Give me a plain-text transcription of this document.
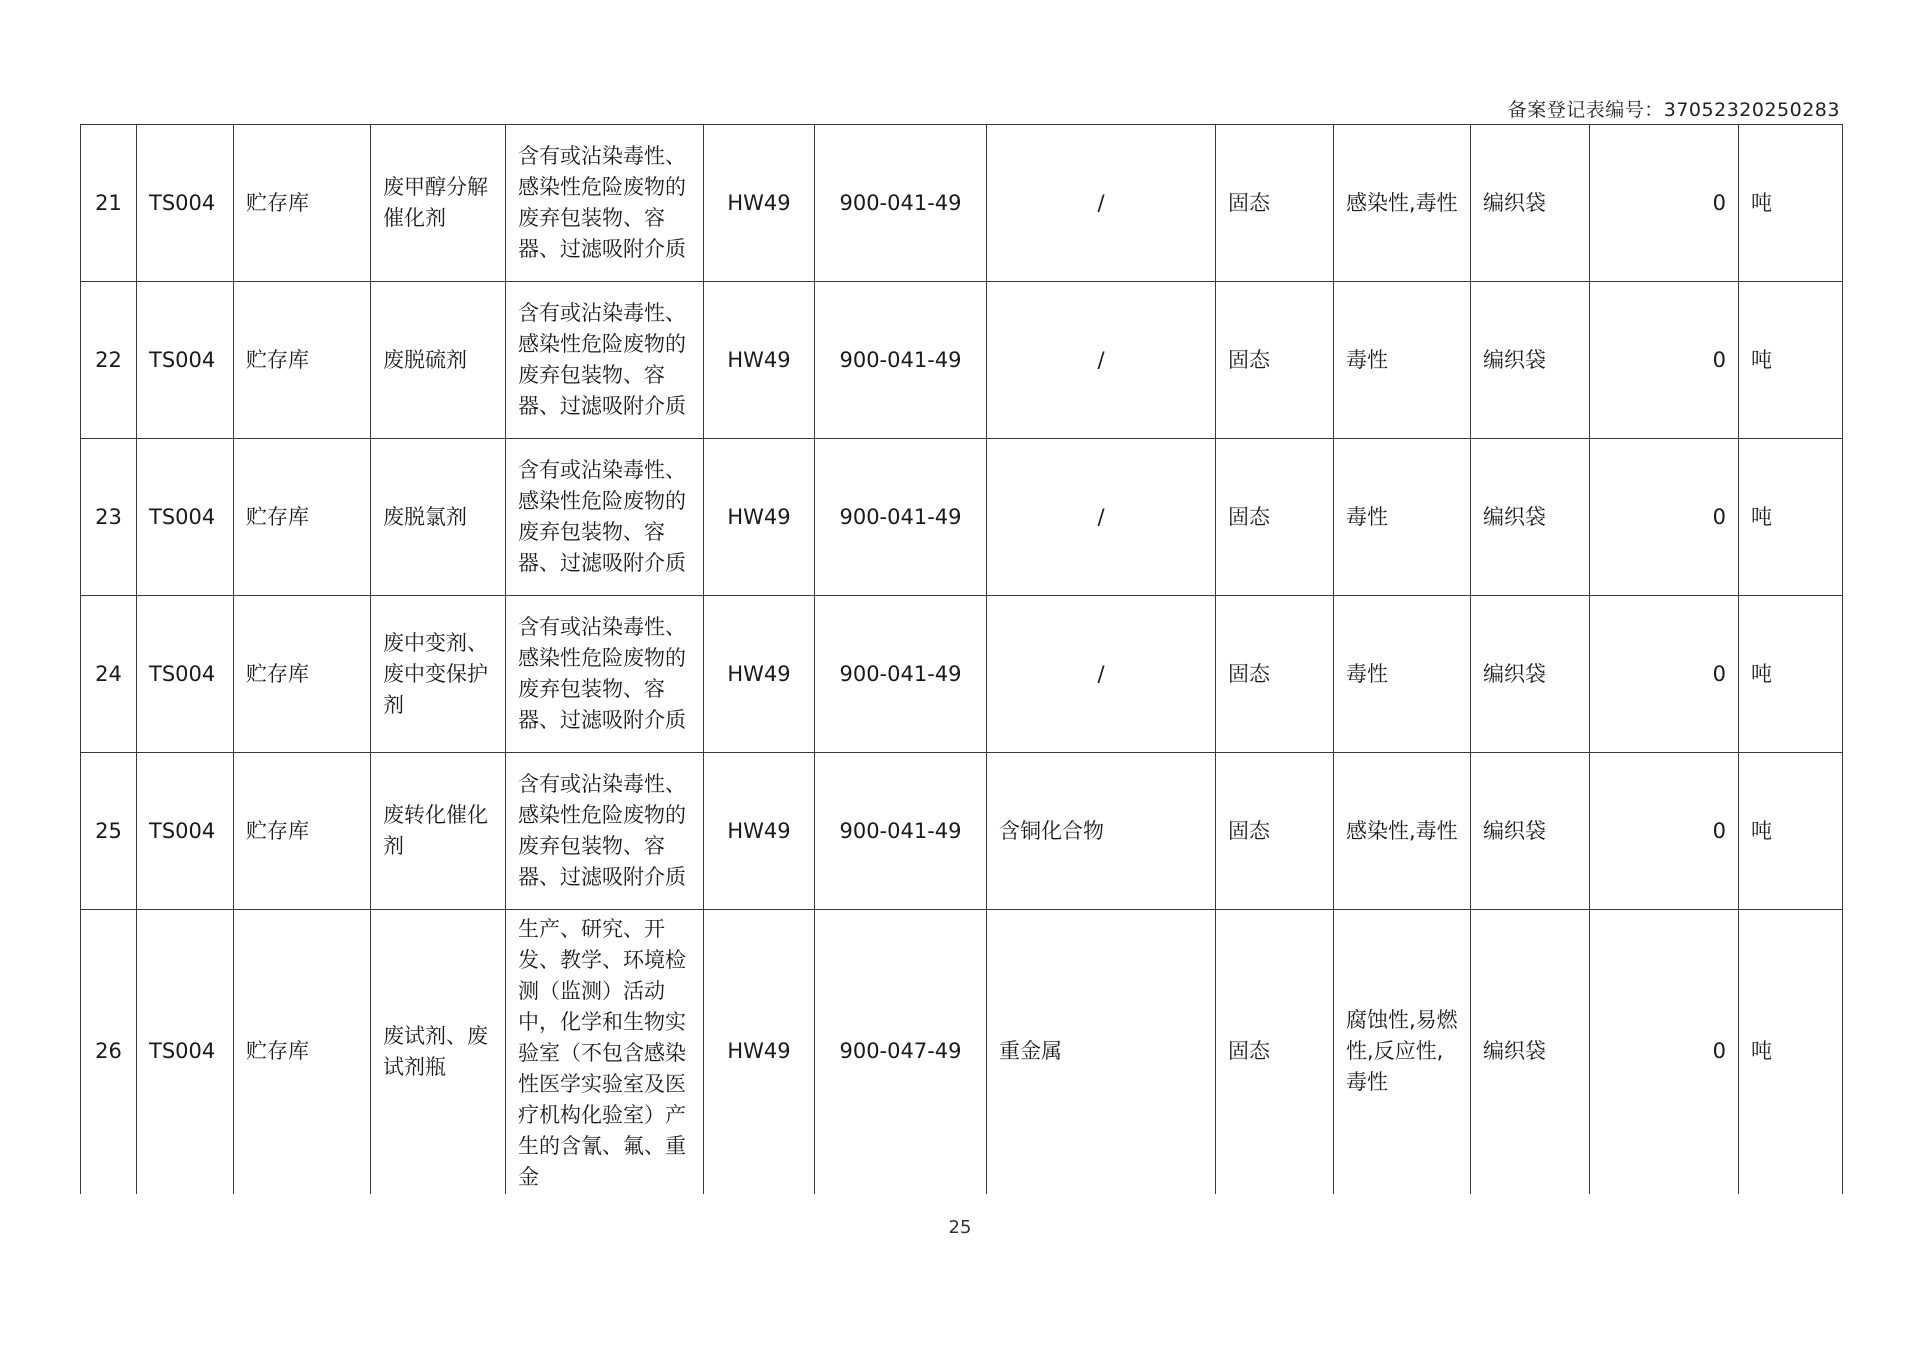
备案登记表编号：37052320250283
21	TS004	贮存库	废甲醇分解催化剂	含有或沾染毒性、感染性危险废物的废弃包装物、容器、过滤吸附介质	HW49	900-041-49	/	固态	感染性,毒性	编织袋	0	吨
22	TS004	贮存库	废脱硫剂	含有或沾染毒性、感染性危险废物的废弃包装物、容器、过滤吸附介质	HW49	900-041-49	/	固态	毒性	编织袋	0	吨
23	TS004	贮存库	废脱氯剂	含有或沾染毒性、感染性危险废物的废弃包装物、容器、过滤吸附介质	HW49	900-041-49	/	固态	毒性	编织袋	0	吨
24	TS004	贮存库	废中变剂、废中变保护剂	含有或沾染毒性、感染性危险废物的废弃包装物、容器、过滤吸附介质	HW49	900-041-49	/	固态	毒性	编织袋	0	吨
25	TS004	贮存库	废转化催化剂	含有或沾染毒性、感染性危险废物的废弃包装物、容器、过滤吸附介质	HW49	900-041-49	含铜化合物	固态	感染性,毒性	编织袋	0	吨
26	TS004	贮存库	废试剂、废试剂瓶	生产、研究、开发、教学、环境检测（监测）活动中，化学和生物实验室（不包含感染性医学实验室及医疗机构化验室）产生的含氰、氟、重金	HW49	900-047-49	重金属	固态	腐蚀性,易燃性,反应性,毒性	编织袋	0	吨
25
